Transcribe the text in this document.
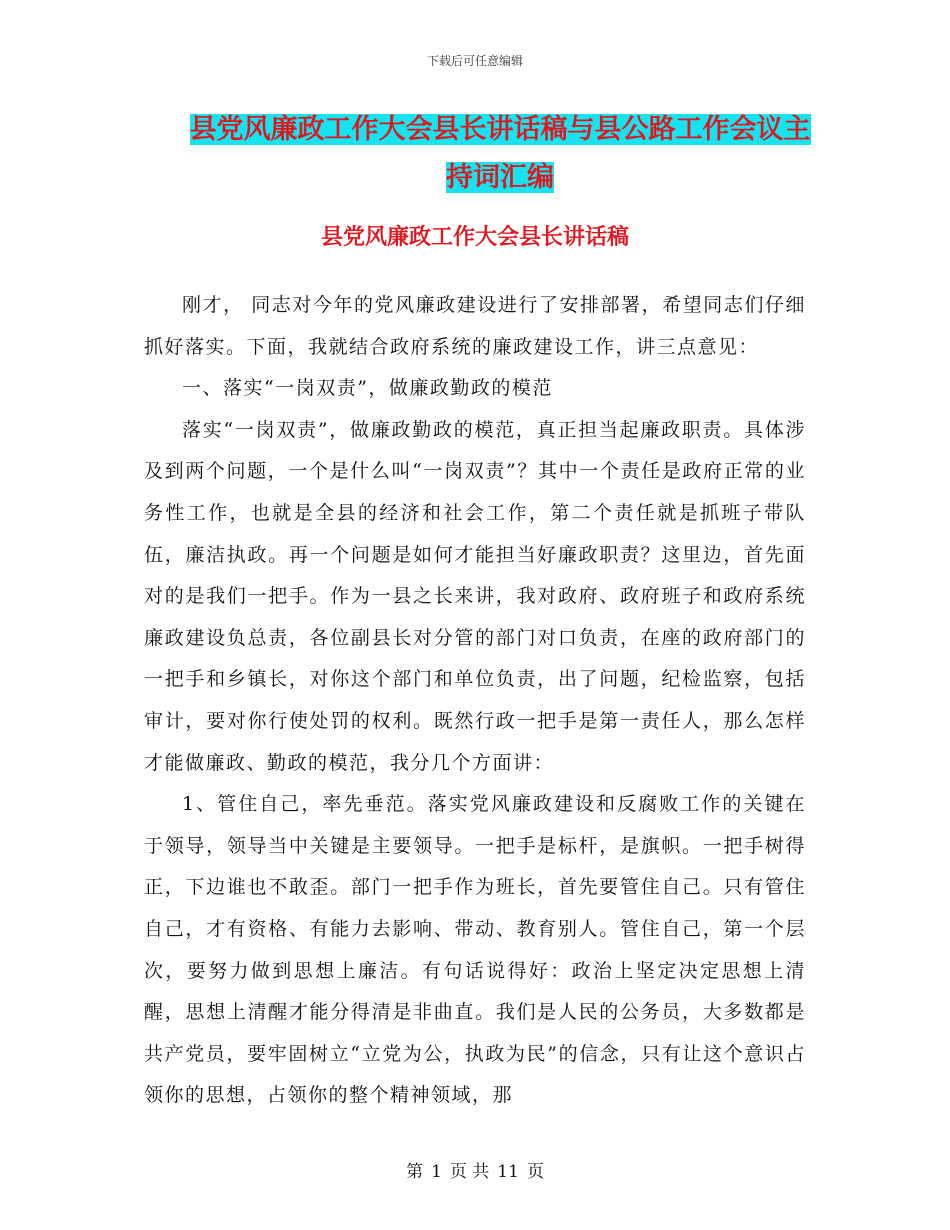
下载后可任意编辑
县党风廉政工作大会县长讲话稿与县公路工作会议主持词汇编
县党风廉政工作大会县长讲话稿

刚才， 同志对今年的党风廉政建设进行了安排部署，希望同志们仔细抓好落实。下面，我就结合政府系统的廉政建设工作，讲三点意见：

一、落实“一岗双责”，做廉政勤政的模范

落实“一岗双责”，做廉政勤政的模范，真正担当起廉政职责。具体涉及到两个问题，一个是什么叫“一岗双责”？其中一个责任是政府正常的业务性工作，也就是全县的经济和社会工作，第二个责任就是抓班子带队伍，廉洁执政。再一个问题是如何才能担当好廉政职责？这里边，首先面对的是我们一把手。作为一县之长来讲，我对政府、政府班子和政府系统廉政建设负总责，各位副县长对分管的部门对口负责，在座的政府部门的一把手和乡镇长，对你这个部门和单位负责，出了问题，纪检监察，包括审计，要对你行使处罚的权利。既然行政一把手是第一责任人，那么怎样才能做廉政、勤政的模范，我分几个方面讲：

1、管住自己，率先垂范。落实党风廉政建设和反腐败工作的关键在于领导，领导当中关键是主要领导。一把手是标杆，是旗帜。一把手树得正，下边谁也不敢歪。部门一把手作为班长，首先要管住自己。只有管住自己，才有资格、有能力去影响、带动、教育别人。管住自己，第一个层次，要努力做到思想上廉洁。有句话说得好：政治上坚定决定思想上清醒，思想上清醒才能分得清是非曲直。我们是人民的公务员，大多数都是共产党员，要牢固树立“立党为公，执政为民”的信念，只有让这个意识占领你的思想，占领你的整个精神领域，那

第 1 页 共 11 页
